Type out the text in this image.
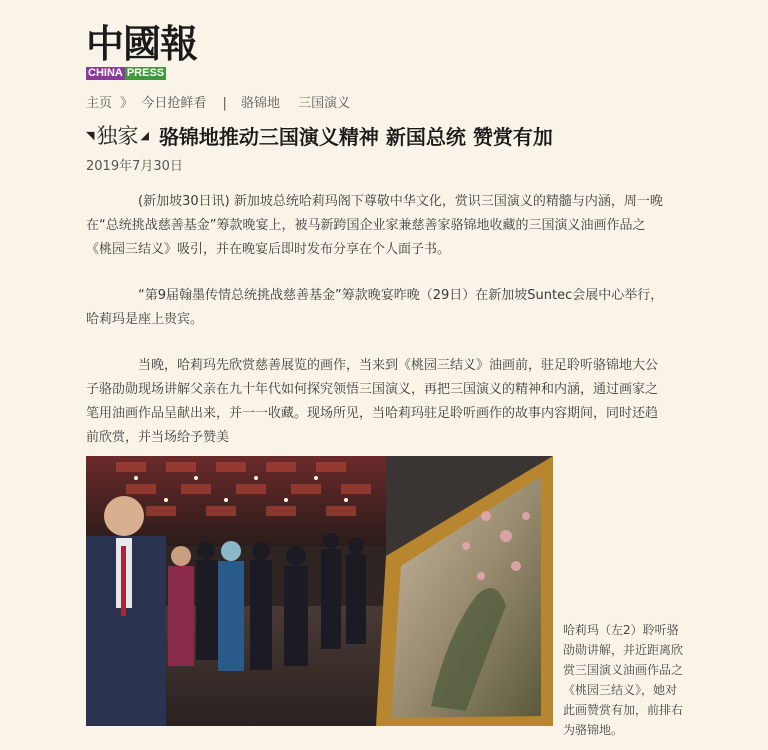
中國報
CHINA PRESS
主页 》 今日抢鲜看 | 骆锦地 三国演义
◥ 独家 ◢ 骆锦地推动三国演义精神 新国总统 赞赏有加
2019年7月30日

(新加坡30日讯) 新加坡总统哈莉玛阁下尊敬中华文化，赏识三国演义的精髓与内涵，周一晚在“总统挑战慈善基金”筹款晚宴上，被马新跨国企业家兼慈善家骆锦地收藏的三国演义油画作品之《桃园三结义》吸引，并在晚宴后即时发布分享在个人面子书。

“第9届翰墨传情总统挑战慈善基金”筹款晚宴昨晚（29日）在新加坡Suntec会展中心举行，哈莉玛是座上贵宾。

当晚，哈莉玛先欣赏慈善展览的画作，当来到《桃园三结义》油画前，驻足聆听骆锦地大公子骆劭勋现场讲解父亲在九十年代如何探究领悟三国演义，再把三国演义的精神和内涵，通过画家之笔用油画作品呈献出来，并一一收藏。现场所见，当哈莉玛驻足聆听画作的故事内容期间，同时还趋前欣赏，并当场给予赞美

哈莉玛（左2）聆听骆劭勋讲解，并近距离欣赏三国演义油画作品之《桃园三结义》，她对此画赞赏有加，前排右为骆锦地。
